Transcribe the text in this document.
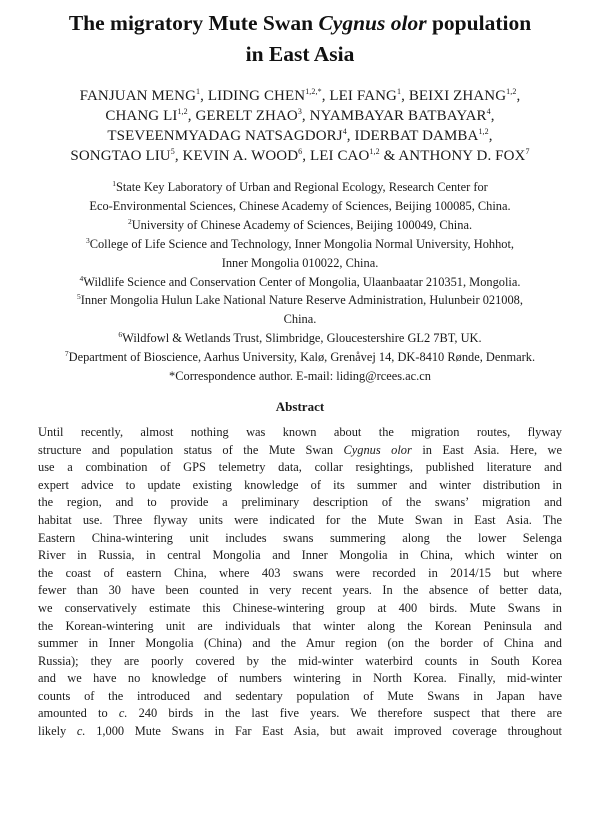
The migratory Mute Swan Cygnus olor population
in East Asia
FANJUAN MENG$^1$, LIDING $CHEN^{1,2,*}$, LEI FANG$^1$, BEIXI ZHANG$^{1,2}$,
CHANG LI$^{1,2}$, GERELT ZHAO$^3$, NYAMBAYAR BATBAYAR$^4$,
TSEVEENMYADAG NATSAGDORJ$^4$, IDERBAT DAMBA$^{1,2}$,
SONGTAO LIU$^5$, KEVIN A. WOOD$^6$, LEI CAO$^{1,2}$ & ANTHONY D. FOX$^7$
$^1$State Key Laboratory of Urban and Regional Ecology, Research Center for
Eco-Environmental Sciences, Chinese Academy of Sciences, Beijing 100085, China.
$^2$University of Chinese Academy of Sciences, Beijing 100049, China.
$^3$College of Life Science and Technology, Inner Mongolia Normal University, Hohhot,
Inner Mongolia 010022, China.
$^4$Wildlife Science and Conservation Center of Mongolia, Ulaanbaatar 210351, Mongolia.
$^5$Inner Mongolia Hulun Lake National Nature Reserve Administration, Hulunbeir 021008,
China.
$^6$Wildfowl & Wetlands Trust, Slimbridge, Gloucestershire GL2 7BT, UK.
$^7$Department of Bioscience, Aarhus University, Kalø, Grenåvej 14, DK-8410 Rønde, Denmark.
*Correspondence author. E-mail: liding@rcees.ac.cn
Abstract
Until recently, almost nothing was known about the migration routes, flyway
structure and population status of the Mute Swan Cygnus olor in East Asia. Here, we
use a combination of GPS telemetry data, collar resightings, published literature and
expert advice to update existing knowledge of its summer and winter distribution in
the region, and to provide a preliminary description of the swans’ migration and
habitat use. Three flyway units were indicated for the Mute Swan in East Asia. The
Eastern China-wintering unit includes swans summering along the lower Selenga
River in Russia, in central Mongolia and Inner Mongolia in China, which winter on
the coast of eastern China, where 403 swans were recorded in 2014/15 but where
fewer than 30 have been counted in very recent years. In the absence of better data,
we conservatively estimate this Chinese-wintering group at 400 birds. Mute Swans in
the Korean-wintering unit are individuals that winter along the Korean Peninsula and
summer in Inner Mongolia (China) and the Amur region (on the border of China and
Russia); they are poorly covered by the mid-winter waterbird counts in South Korea
and we have no knowledge of numbers wintering in North Korea. Finally, mid-winter
counts of the introduced and sedentary population of Mute Swans in Japan have
amounted to c. 240 birds in the last five years. We therefore suspect that there are
likely c. 1,000 Mute Swans in Far East Asia, but await improved coverage throughout
